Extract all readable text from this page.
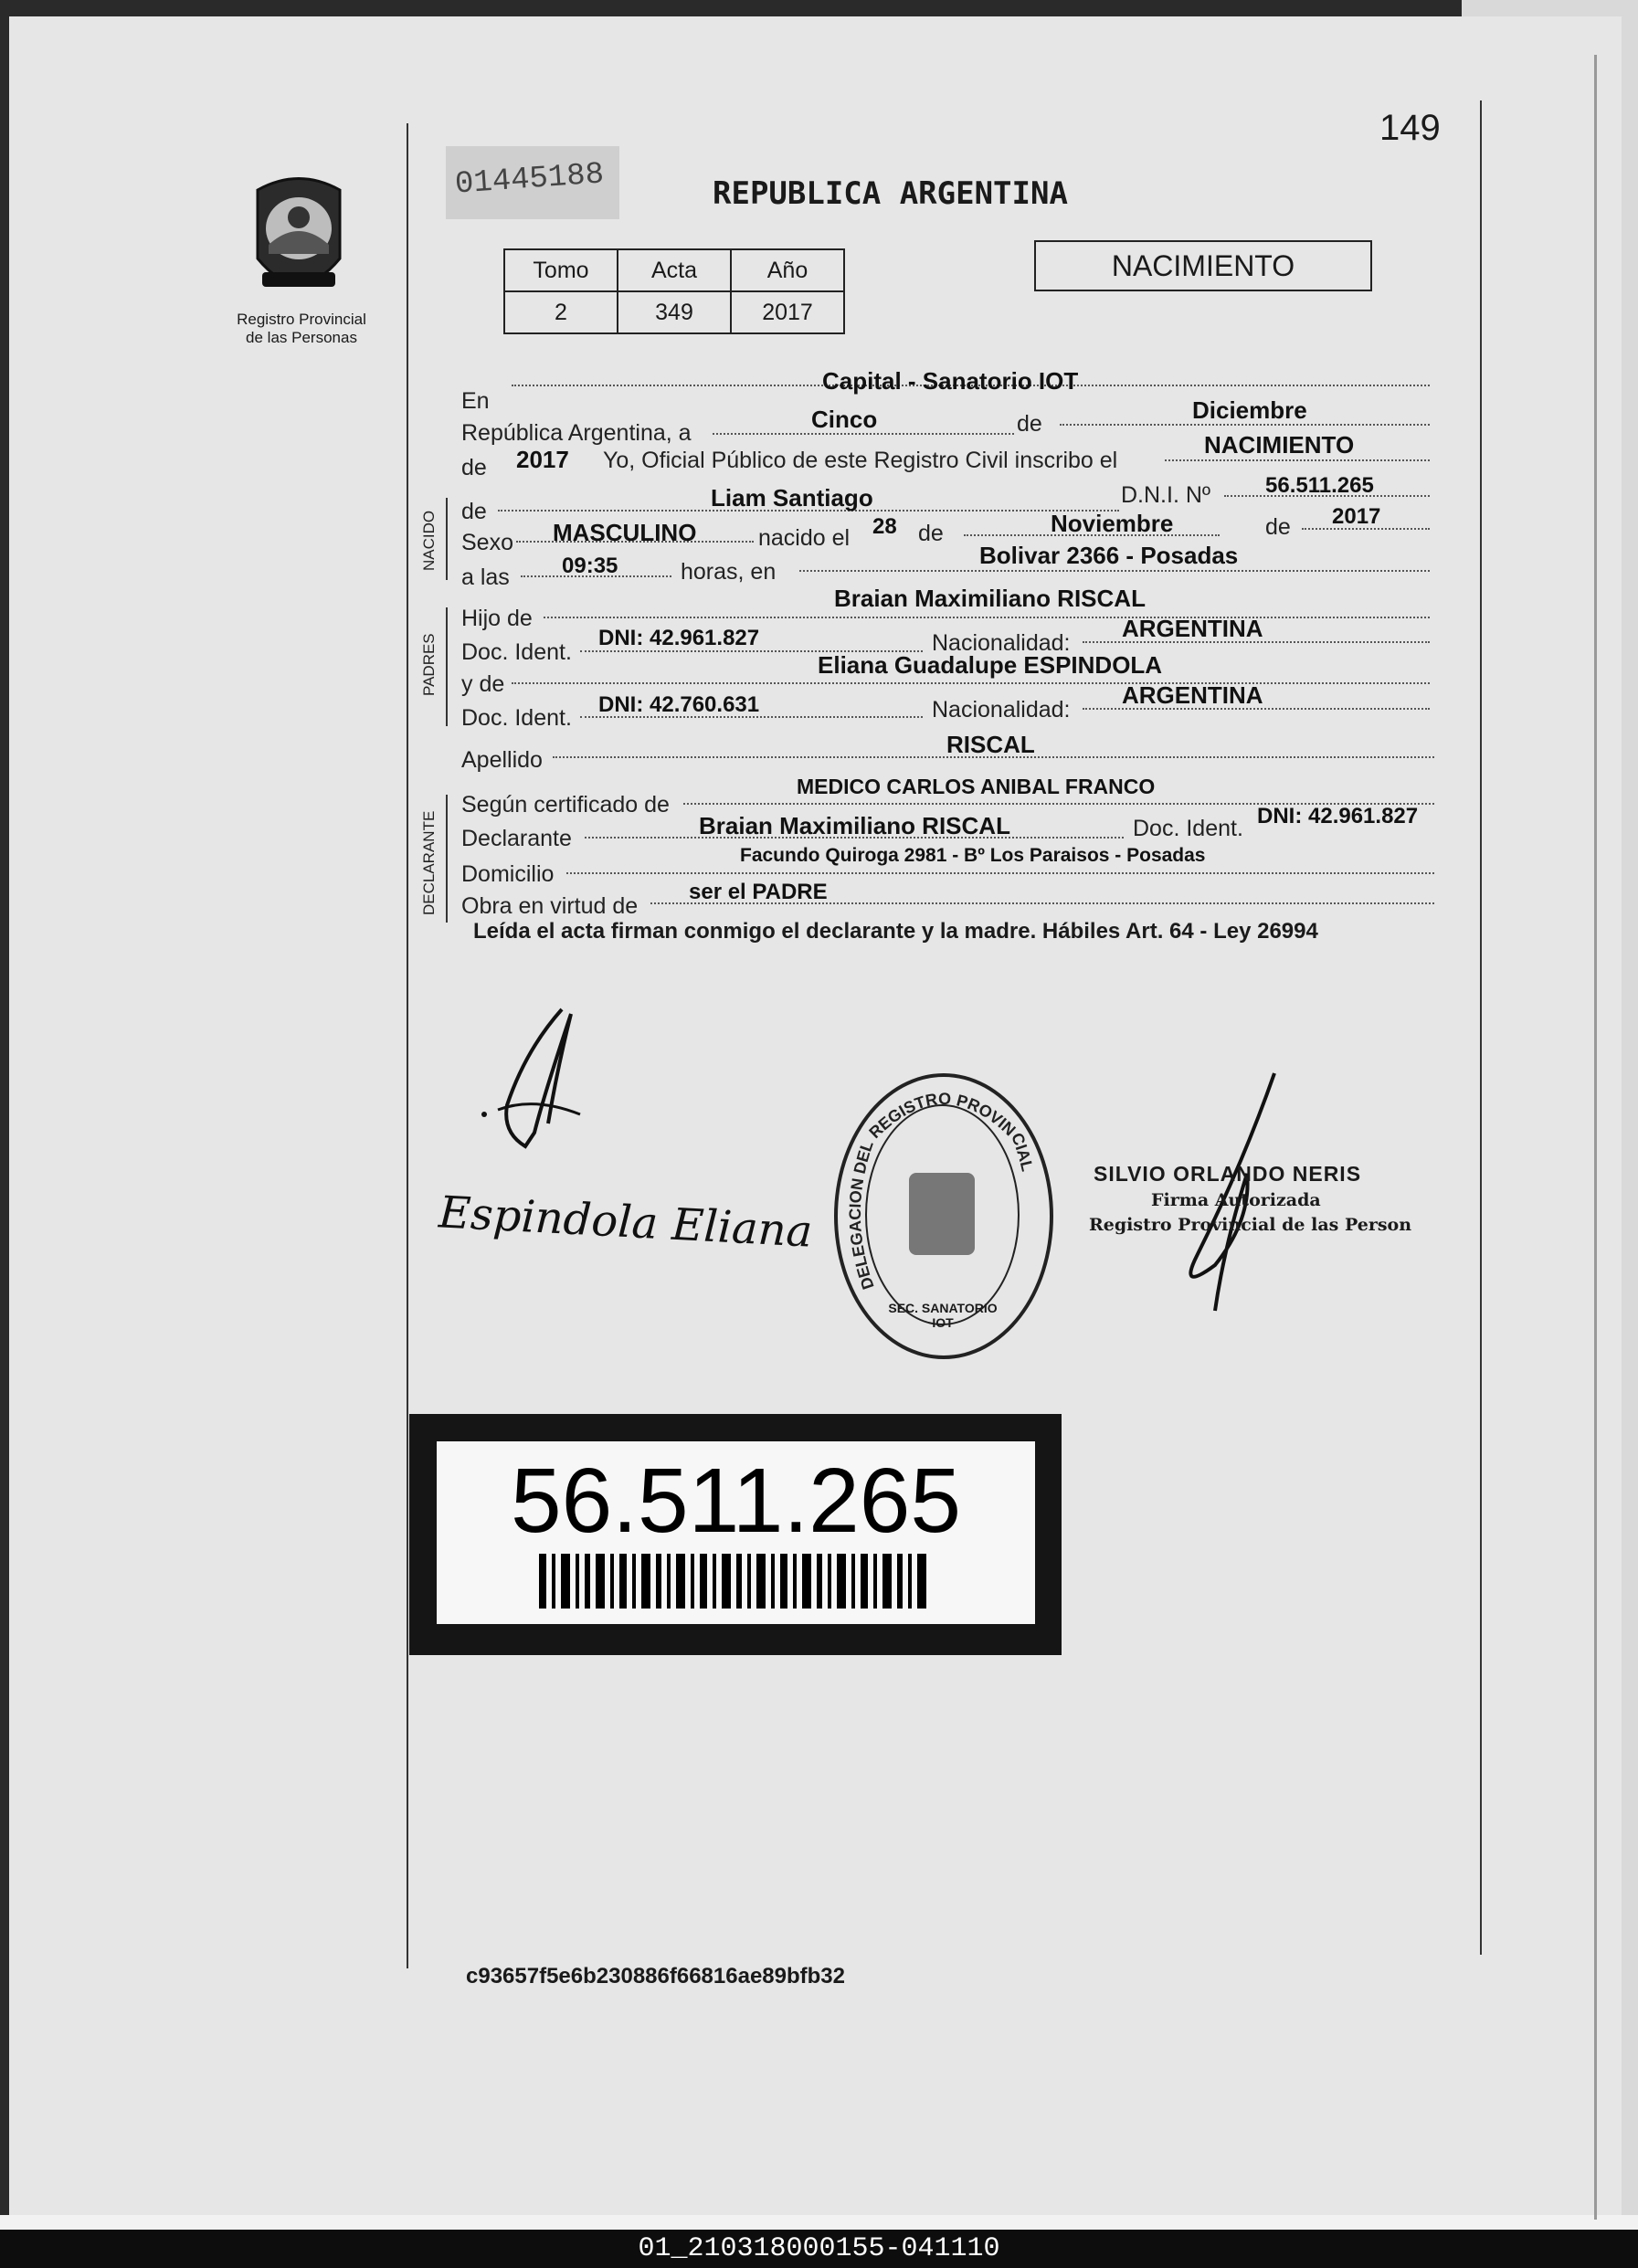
149
Registro Provincial
de las Personas
01445188	REPUBLICA ARGENTINA
Tomo	Acta	Año
2	349	2017
NACIMIENTO
En
Capital - Sanatorio IOT
República Argentina, a	Cinco	de	Diciembre
de 2017 Yo, Oficial Público de este Registro Civil inscribo el
NACIMIENTO
NACIDO de	Liam Santiago	D.N.I. Nº 56.511.265
Sexo MASCULINO	nacido el 28 de	Noviembre	de 2017
a las 09:35	horas, en
Bolivar 2366 - Posadas
PADRES
Hijo de
Braian Maximiliano RISCAL
Doc. Ident.
DNI: 42.961.827	Nacionalidad:
ARGENTINA
y de
Eliana Guadalupe ESPINDOLA
Doc. Ident.
DNI: 42.760.631	Nacionalidad:
ARGENTINA
Apellido
RISCAL
DECLARANTE
Según certificado de
MEDICO CARLOS ANIBAL FRANCO
Declarante	Braian Maximiliano RISCAL	Doc. Ident. DNI: 42.961.827
Domicilio
Facundo Quiroga 2981 - Bº Los Paraisos - Posadas
Obra en virtud de
ser el PADRE
Leída el acta firman conmigo el declarante y la madre. Hábiles Art. 64 - Ley 26994
Espindola Eliana
DELEGACION DEL REGISTRO PROVINCIAL
SEC. SANATORIO IOT
SILVIO ORLANDO NERIS
Firma Autorizada
Registro Provincial de las Person
56.511.265
c93657f5e6b230886f66816ae89bfb32
01_210318000155-041110
